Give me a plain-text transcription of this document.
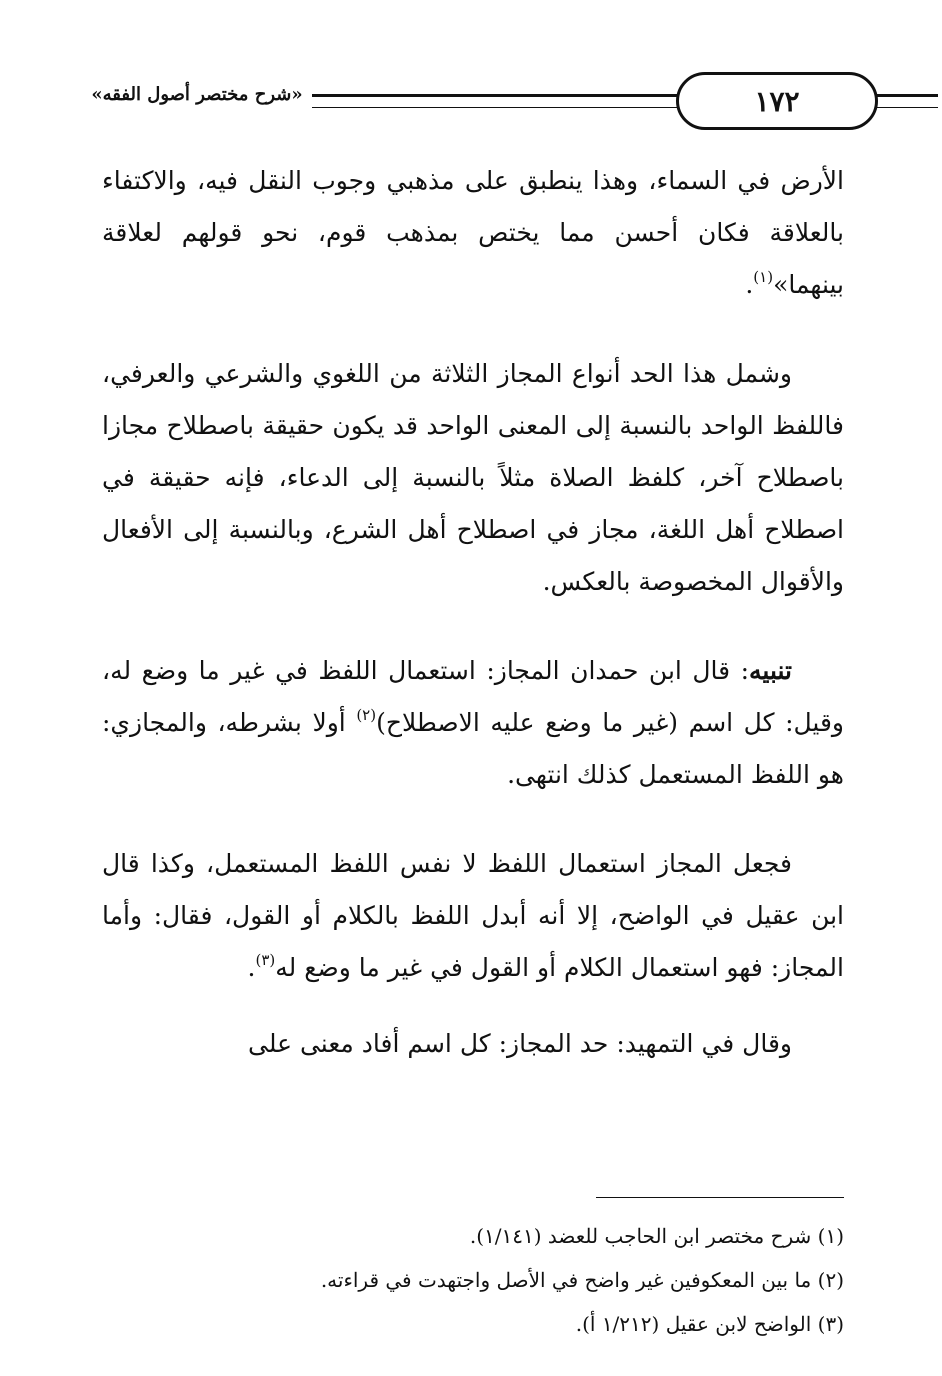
١٧٢
«شرح مختصر أصول الفقه»

الأرض في السماء، وهذا ينطبق على مذهبي وجوب النقل فيه، والاكتفاء بالعلاقة فكان أحسن مما يختص بمذهب قوم، نحو قولهم لعلاقة بينهما»$^{(١)}$.

وشمل هذا الحد أنواع المجاز الثلاثة من اللغوي والشرعي والعرفي، فاللفظ الواحد بالنسبة إلى المعنى الواحد قد يكون حقيقة باصطلاح مجازا باصطلاح آخر، كلفظ الصلاة مثلاً بالنسبة إلى الدعاء، فإنه حقيقة في اصطلاح أهل اللغة، مجاز في اصطلاح أهل الشرع، وبالنسبة إلى الأفعال والأقوال المخصوصة بالعكس.

تنبيه: قال ابن حمدان المجاز: استعمال اللفظ في غير ما وضع له، وقيل: كل اسم (غير ما وضع عليه الاصطلاح)$^{(٢)}$ أولا بشرطه، والمجازي: هو اللفظ المستعمل كذلك انتهى.

فجعل المجاز استعمال اللفظ لا نفس اللفظ المستعمل، وكذا قال ابن عقيل في الواضح، إلا أنه أبدل اللفظ بالكلام أو القول، فقال: وأما المجاز: فهو استعمال الكلام أو القول في غير ما وضع له$^{(٣)}$.

وقال في التمهيد: حد المجاز: كل اسم أفاد معنى على

(١) شرح مختصر ابن الحاجب للعضد (١/١٤١).

(٢) ما بين المعكوفين غير واضح في الأصل واجتهدت في قراءته.

(٣) الواضح لابن عقيل (١/٢١٢ أ).
